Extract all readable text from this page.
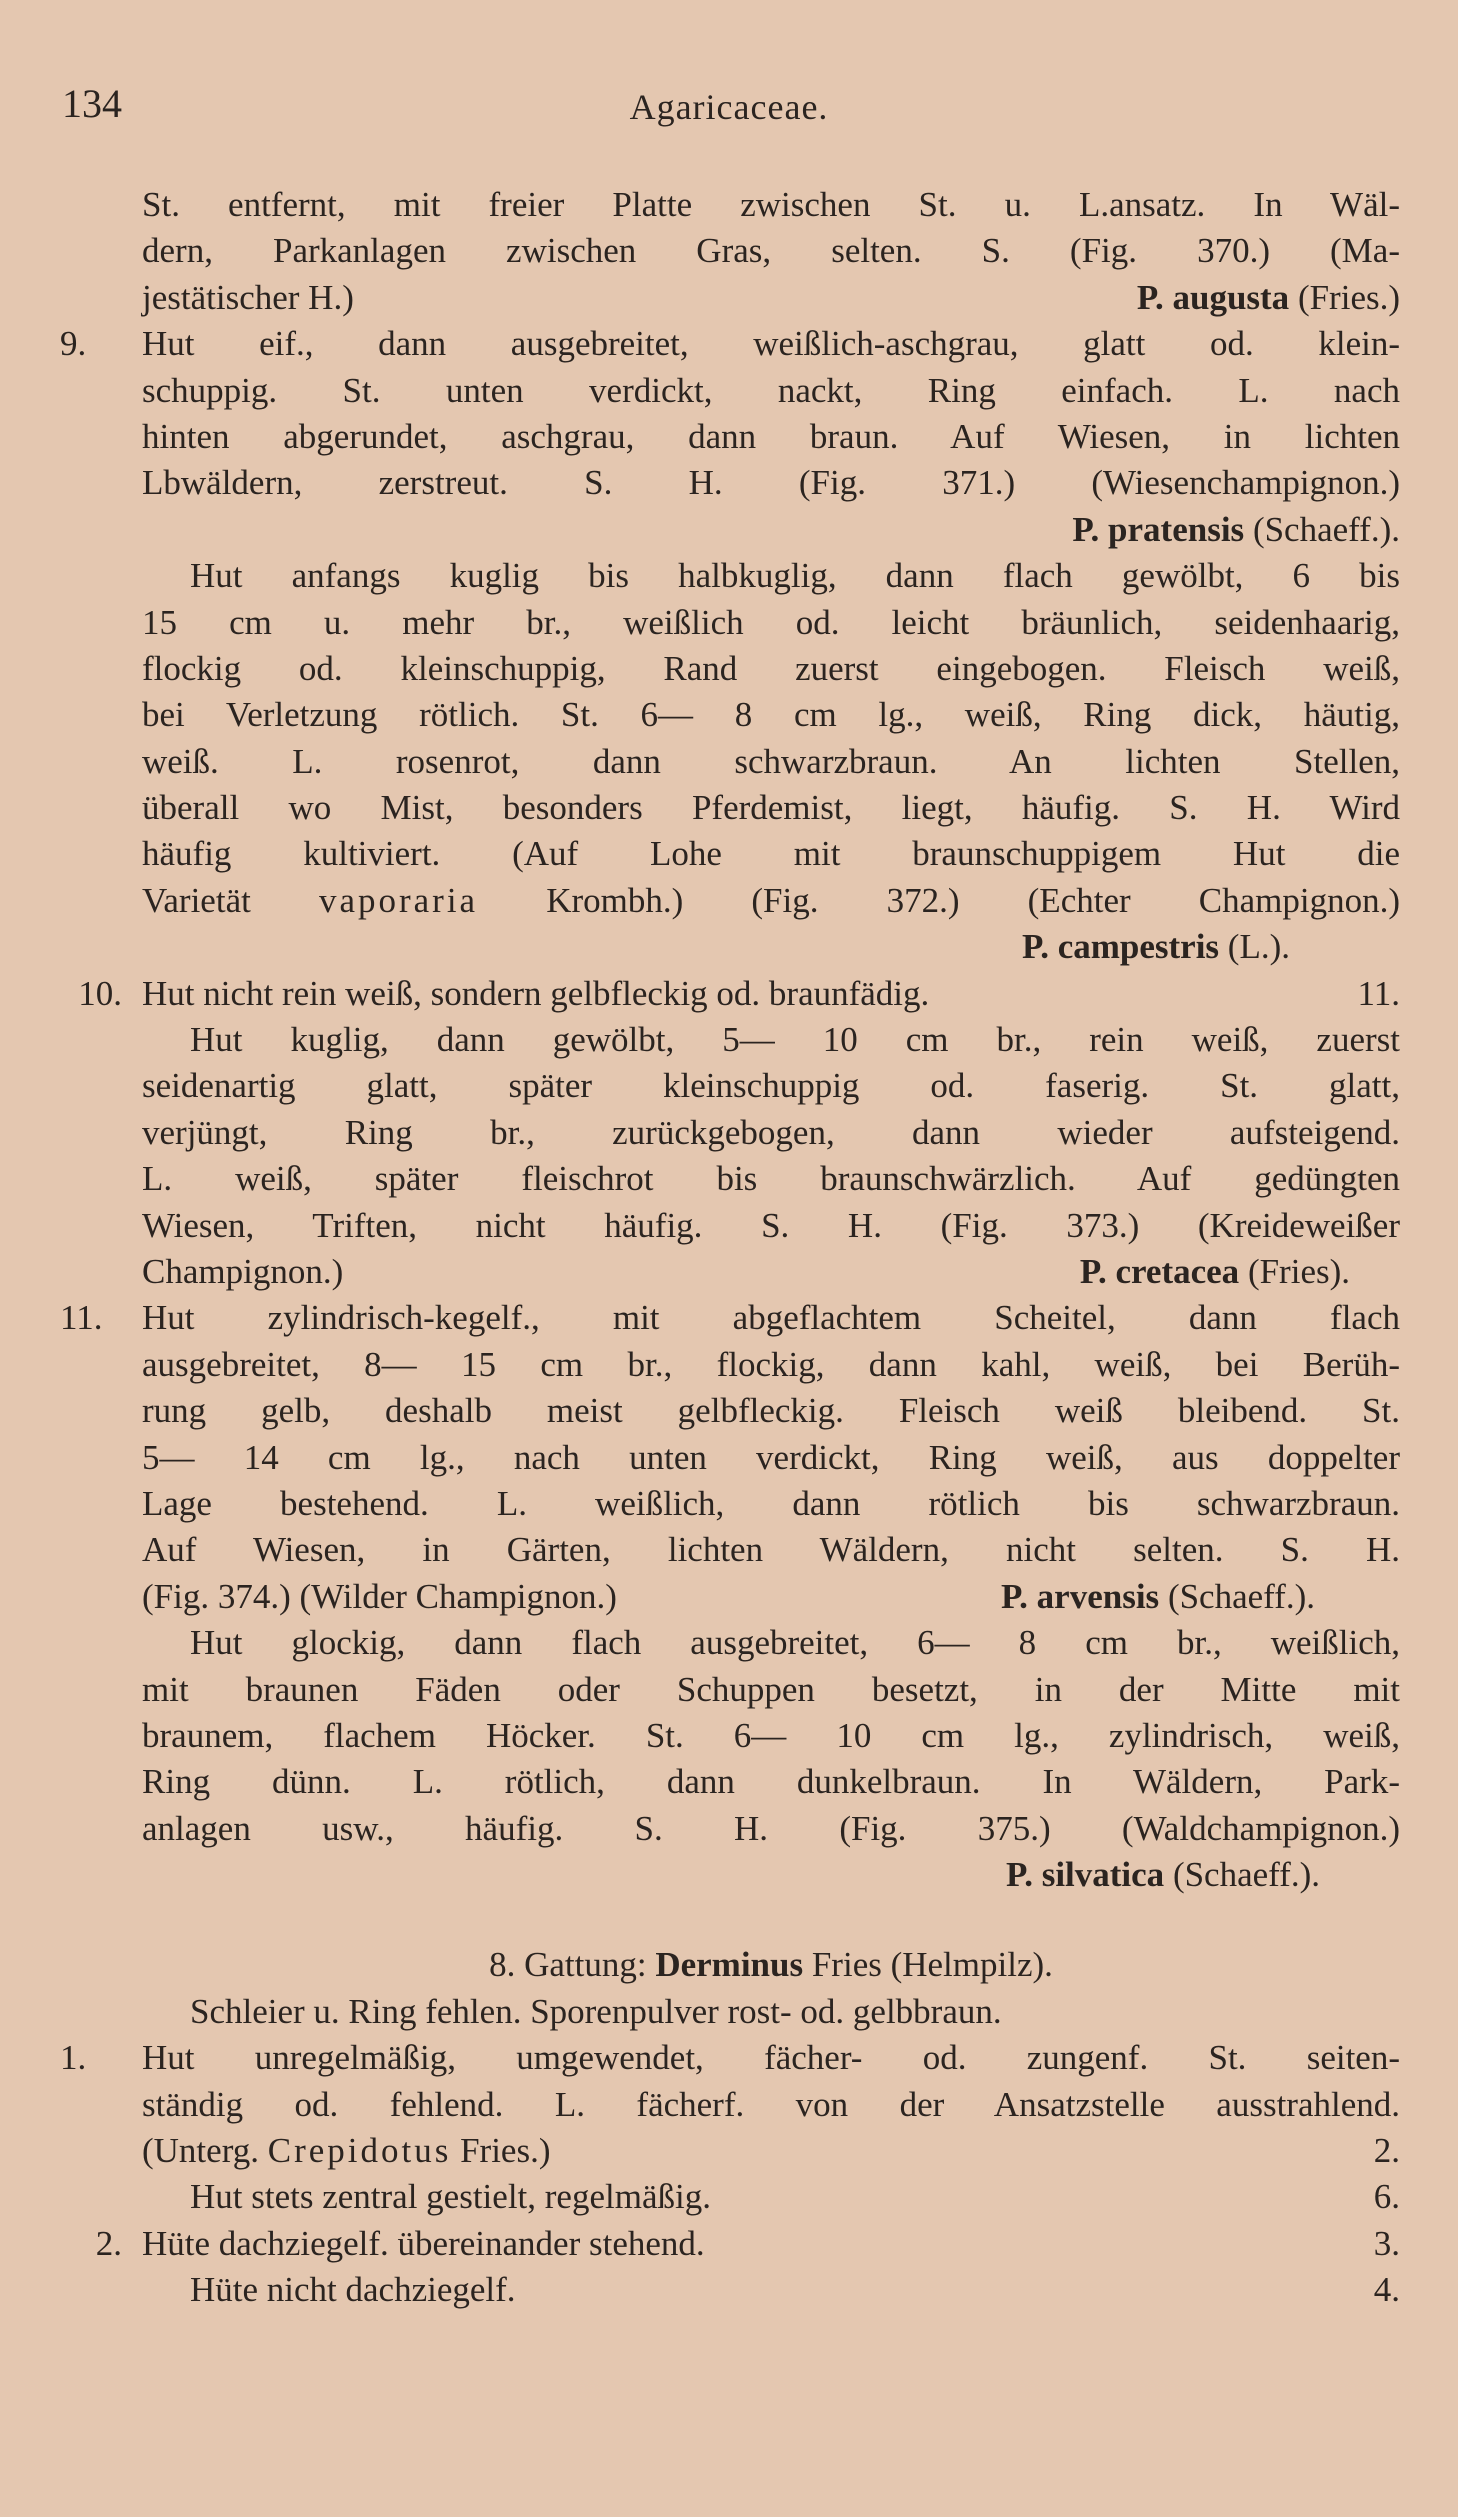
134	Agaricaceae.
St. entfernt, mit freier Platte zwischen St. u. L.ansatz. In Wäl-
dern, Parkanlagen zwischen Gras, selten. S. (Fig. 370.) (Ma-
jestätischer H.)	P. augusta (Fries.)
9.	Hut eif., dann ausgebreitet, weißlich-aschgrau, glatt od. klein-
schuppig. St. unten verdickt, nackt, Ring einfach. L. nach
hinten abgerundet, aschgrau, dann braun. Auf Wiesen, in lichten
Lbwäldern, zerstreut. S. H. (Fig. 371.) (Wiesenchampignon.)
P. pratensis (Schaeff.).
Hut anfangs kuglig bis halbkuglig, dann flach gewölbt, 6 bis
15 cm u. mehr br., weißlich od. leicht bräunlich, seidenhaarig,
flockig od. kleinschuppig, Rand zuerst eingebogen. Fleisch weiß,
bei Verletzung rötlich. St. 6— 8 cm lg., weiß, Ring dick, häutig,
weiß. L. rosenrot, dann schwarzbraun. An lichten Stellen,
überall wo Mist, besonders Pferdemist, liegt, häufig. S. H. Wird
häufig kultiviert. (Auf Lohe mit braunschuppigem Hut die
Varietät vaporaria Krombh.) (Fig. 372.) (Echter Champignon.)
P. campestris (L.).
10. Hut nicht rein weiß, sondern gelbfleckig od. braunfädig.	11.
Hut kuglig, dann gewölbt, 5— 10 cm br., rein weiß, zuerst
seidenartig glatt, später kleinschuppig od. faserig. St. glatt,
verjüngt, Ring br., zurückgebogen, dann wieder aufsteigend.
L. weiß, später fleischrot bis braunschwärzlich. Auf gedüngten
Wiesen, Triften, nicht häufig. S. H. (Fig. 373.) (Kreideweißer
Champignon.)	P. cretacea (Fries).
11.	Hut zylindrisch-kegelf., mit abgeflachtem Scheitel, dann flach
ausgebreitet, 8— 15 cm br., flockig, dann kahl, weiß, bei Berüh-
rung gelb, deshalb meist gelbfleckig. Fleisch weiß bleibend. St.
5— 14 cm lg., nach unten verdickt, Ring weiß, aus doppelter
Lage bestehend. L. weißlich, dann rötlich bis schwarzbraun.
Auf Wiesen, in Gärten, lichten Wäldern, nicht selten. S. H.
(Fig. 374.) (Wilder Champignon.)	P. arvensis (Schaeff.).
Hut glockig, dann flach ausgebreitet, 6— 8 cm br., weißlich,
mit braunen Fäden oder Schuppen besetzt, in der Mitte mit
braunem, flachem Höcker. St. 6— 10 cm lg., zylindrisch, weiß,
Ring dünn. L. rötlich, dann dunkelbraun. In Wäldern, Park-
anlagen usw., häufig. S. H. (Fig. 375.) (Waldchampignon.)
P. silvatica (Schaeff.).
8. Gattung: Derminus Fries (Helmpilz).
Schleier u. Ring fehlen. Sporenpulver rost- od. gelbbraun.
1.	Hut unregelmäßig, umgewendet, fächer- od. zungenf. St. seiten-
ständig od. fehlend. L. fächerf. von der Ansatzstelle ausstrahlend.
(Unterg. Crepidotus Fries.)	2.
Hut stets zentral gestielt, regelmäßig.	6.
2. Hüte dachziegelf. übereinander stehend.	3.
Hüte nicht dachziegelf.	4.
